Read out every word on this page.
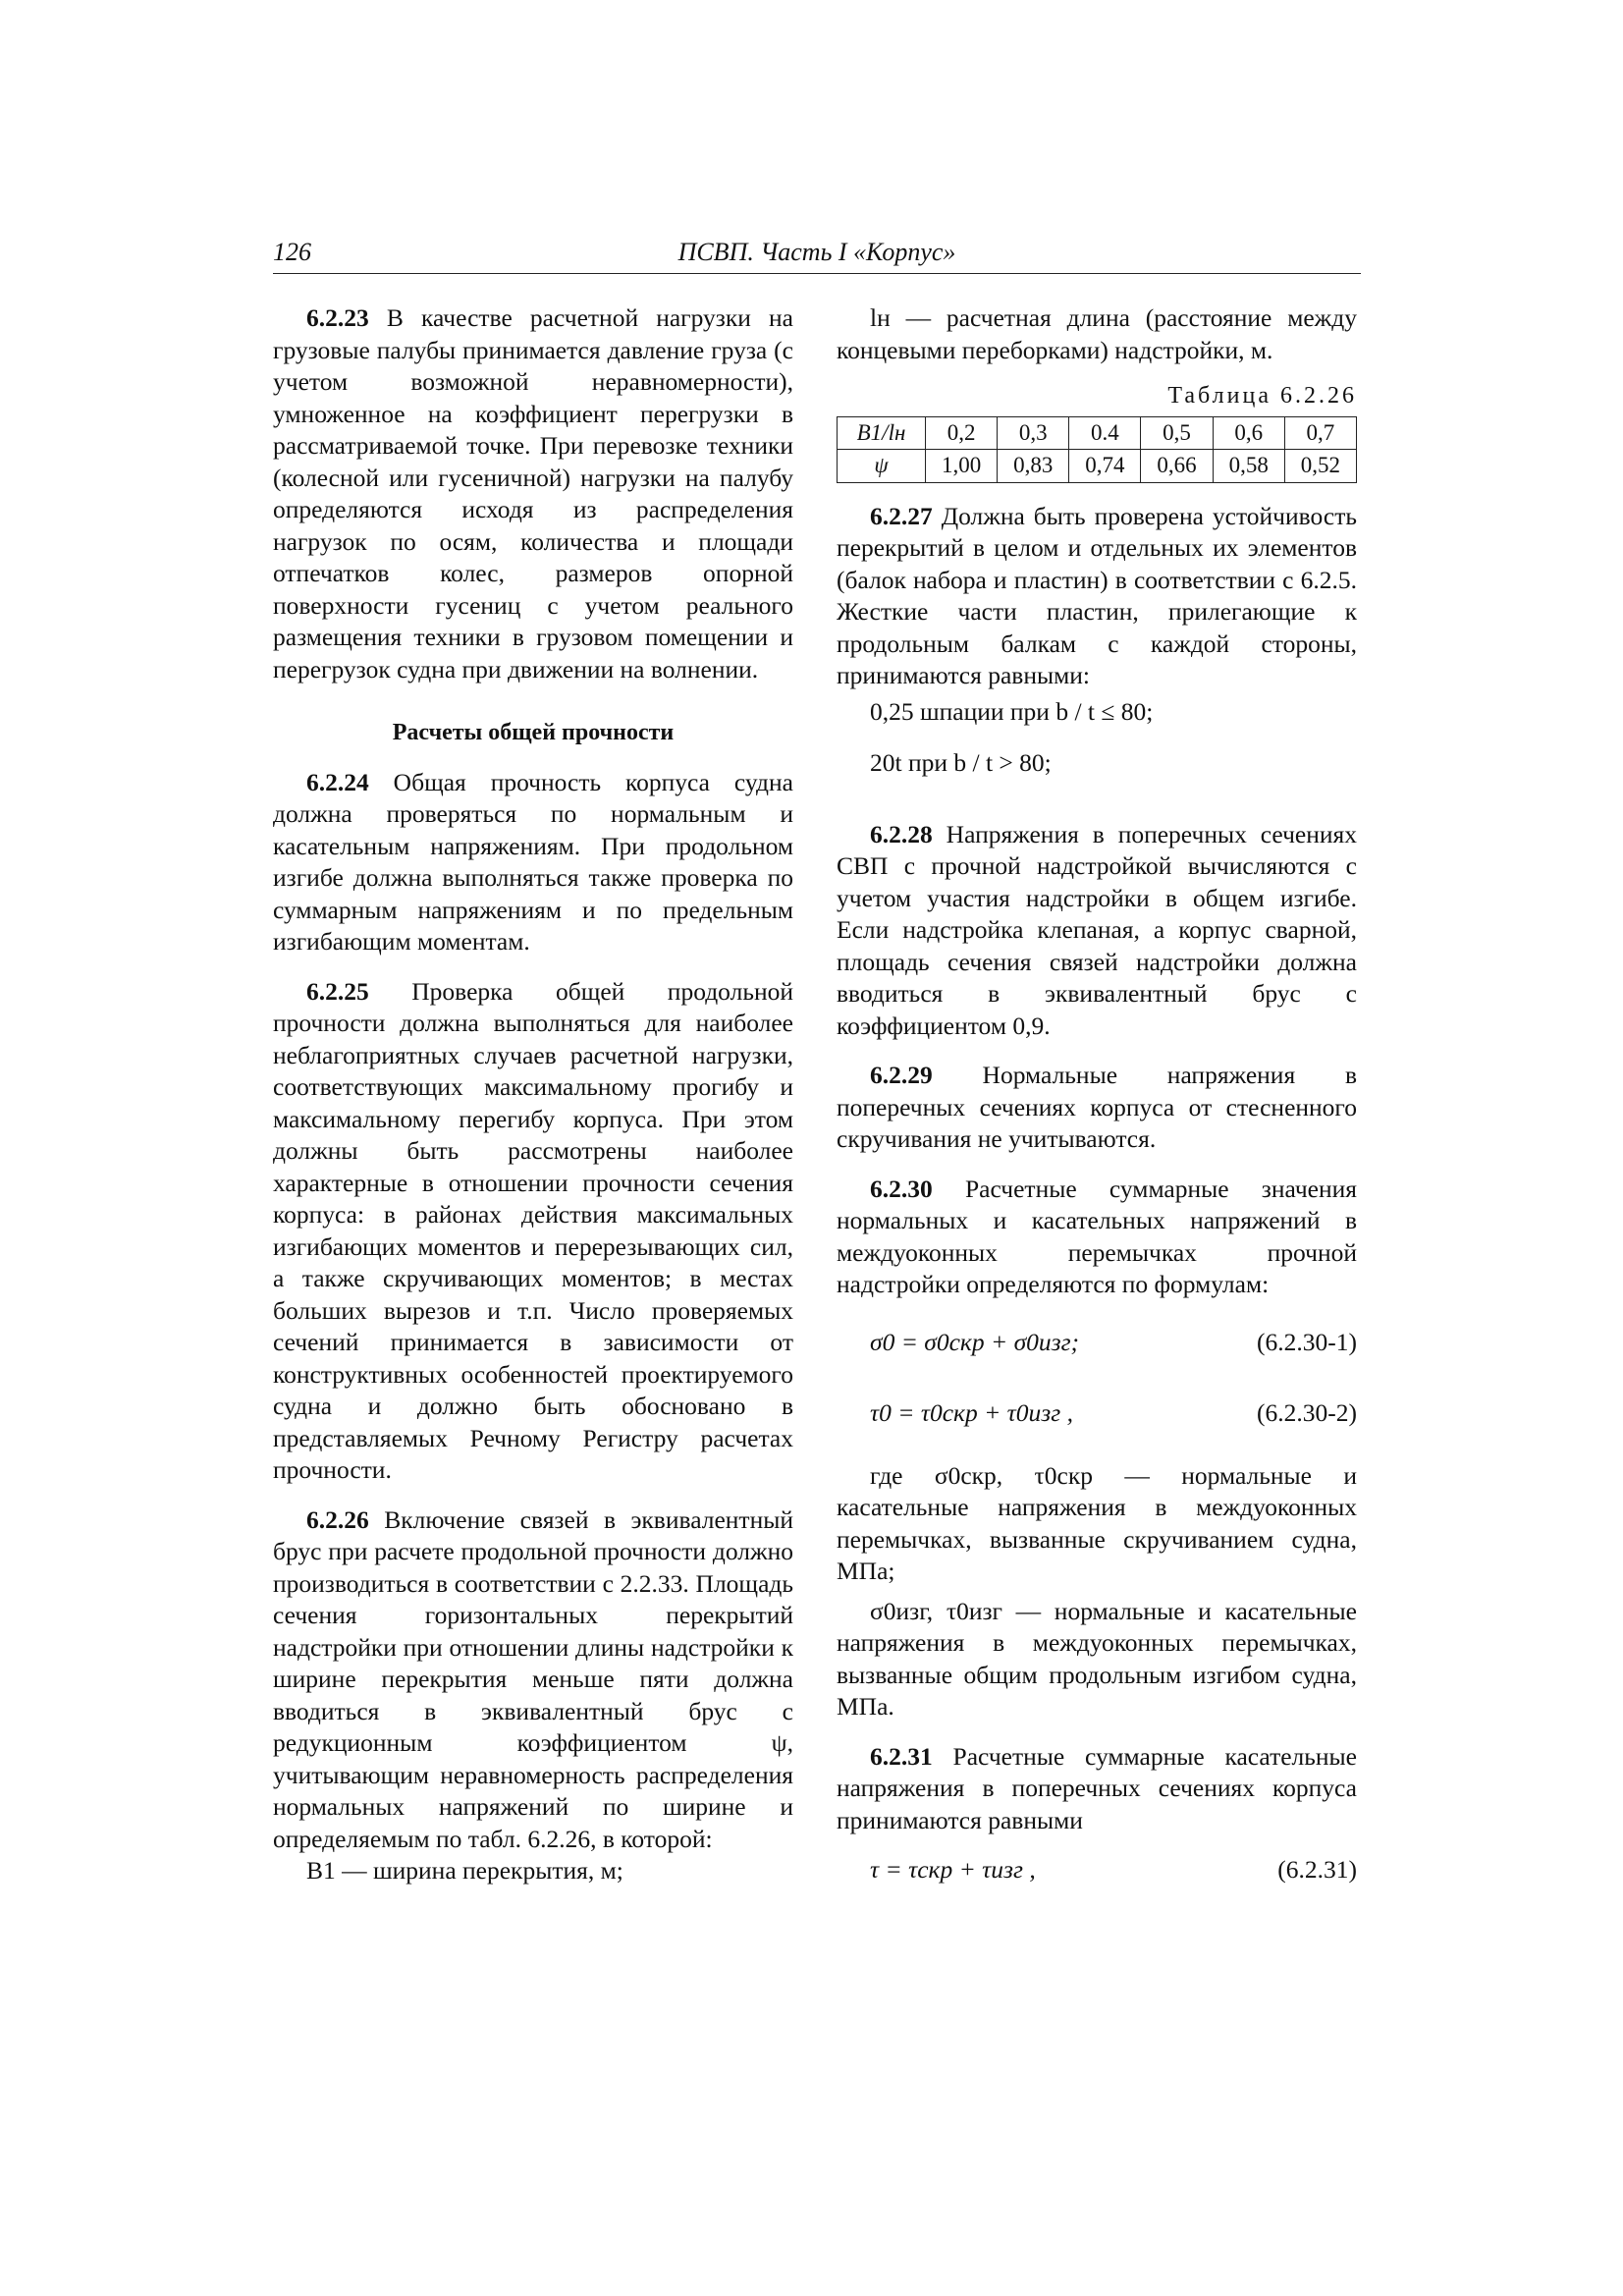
126	ПСВП. Часть I «Корпус»

6.2.23 В качестве расчетной нагрузки на грузовые палубы принимается давление груза (с учетом возможной неравномерности), умноженное на коэффициент перегрузки в рассматриваемой точке. При перевозке техники (колесной или гусеничной) нагрузки на палубу определяются исходя из распределения нагрузок по осям, количества и площади отпечатков колес, размеров опорной поверхности гусениц с учетом реального размещения техники в грузовом помещении и перегрузок судна при движении на волнении.

Расчеты общей прочности

6.2.24 Общая прочность корпуса судна должна проверяться по нормальным и касательным напряжениям. При продольном изгибе должна выполняться также проверка по суммарным напряжениям и по предельным изгибающим моментам.

6.2.25 Проверка общей продольной прочности должна выполняться для наиболее неблагоприятных случаев расчетной нагрузки, соответствующих максимальному прогибу и максимальному перегибу корпуса. При этом должны быть рассмотрены наиболее характерные в отношении прочности сечения корпуса: в районах действия максимальных изгибающих моментов и перерезывающих сил, а также скручивающих моментов; в местах больших вырезов и т.п. Число проверяемых сечений принимается в зависимости от конструктивных особенностей проектируемого судна и должно быть обосновано в представляемых Речному Регистру расчетах прочности.

6.2.26 Включение связей в эквивалентный брус при расчете продольной прочности должно производиться в соответствии с 2.2.33. Площадь сечения горизонтальных перекрытий надстройки при отношении длины надстройки к ширине перекрытия меньше пяти должна вводиться в эквивалентный брус с редукционным коэффициентом ψ, учитывающим неравномерность распределения нормальных напряжений по ширине и определяемым по табл. 6.2.26, в которой:

B1 — ширина перекрытия, м;

lн — расчетная длина (расстояние между концевыми переборками) надстройки, м.

Таблица 6.2.26
B1/lн	0,2	0,3	0.4	0,5	0,6	0,7
ψ	1,00	0,83	0,74	0,66	0,58	0,52

6.2.27 Должна быть проверена устойчивость перекрытий в целом и отдельных их элементов (балок набора и пластин) в соответствии с 6.2.5. Жесткие части пластин, прилегающие к продольным балкам с каждой стороны, принимаются равными:

0,25 шпации при b / t ≤ 80;

20t при b / t > 80;

6.2.28 Напряжения в поперечных сечениях СВП с прочной надстройкой вычисляются с учетом участия надстройки в общем изгибе. Если надстройка клепаная, а корпус сварной, площадь сечения связей надстройки должна вводиться в эквивалентный брус с коэффициентом 0,9.

6.2.29 Нормальные напряжения в поперечных сечениях корпуса от стесненного скручивания не учитываются.

6.2.30 Расчетные суммарные значения нормальных и касательных напряжений в междуоконных перемычках прочной надстройки определяются по формулам:

σ0 = σ0скр + σ0изг;	(6.2.30-1)
τ0 = τ0скр + τ0изг ,	(6.2.30-2)

где σ0скр, τ0скр — нормальные и касательные напряжения в междуоконных перемычках, вызванные скручиванием судна, МПа;

σ0изг, τ0изг — нормальные и касательные напряжения в междуоконных перемычках, вызванные общим продольным изгибом судна, МПа.

6.2.31 Расчетные суммарные касательные напряжения в поперечных сечениях корпуса принимаются равными

τ = τскр + τизг ,	(6.2.31)
